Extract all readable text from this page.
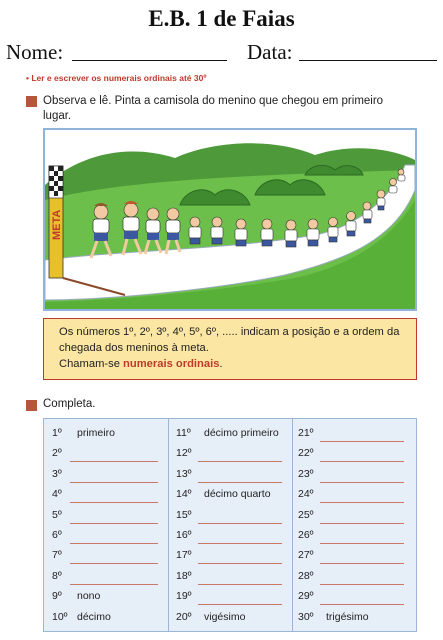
E.B. 1 de Faias
Nome:	Data:
• Ler e escrever os numerais ordinais até 30º
Observa e lê. Pinta a camisola do menino que chegou em primeiro lugar.
META
Os números 1º, 2º, 3º, 4º, 5º, 6º, ..... indicam a posição e a ordem da chegada dos meninos à meta.
Chamam-se numerais ordinais.
Completa.
1º primeiro
2º
3º
4º
5º
6º
7º
8º
9º nono
10º décimo
11º décimo primeiro
12º
13º
14º décimo quarto
15º
16º
17º
18º
19º
20º vigésimo
21º
22º
23º
24º
25º
26º
27º
28º
29º
30º trigésimo
